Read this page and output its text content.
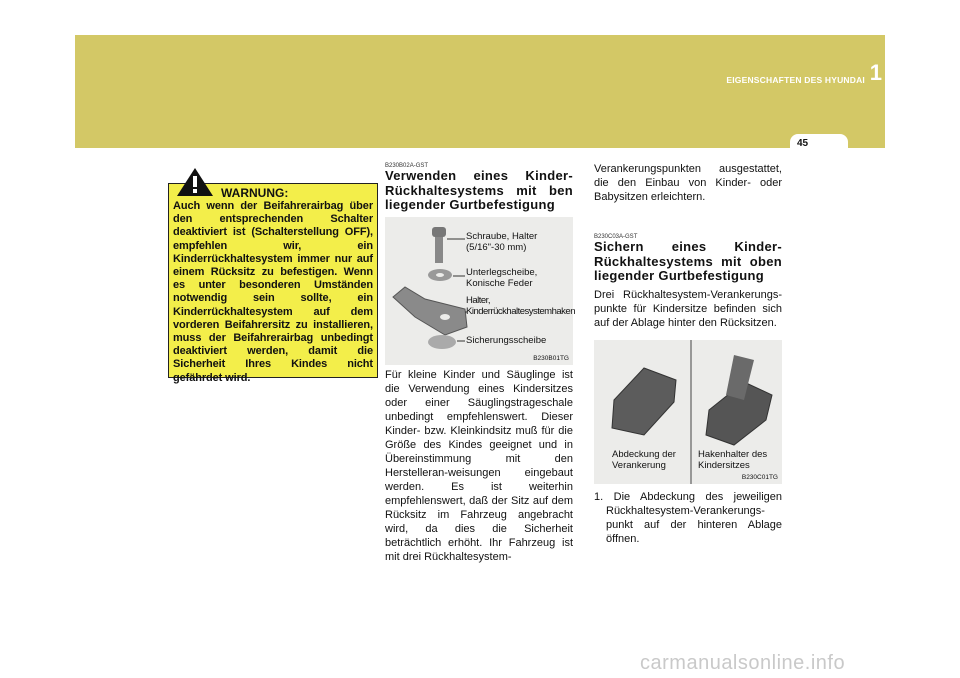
EIGENSCHAFTEN DES HYUNDAI 1
45
WARNUNG:
Auch wenn der Beifahrerairbag über den entsprechenden Schalter deaktiviert ist (Schalterstellung OFF), empfehlen wir, ein Kinderrückhaltesystem immer nur auf einem Rücksitz zu befestigen. Wenn es unter besonderen Umständen notwendig sein sollte, ein Kinderrückhaltesystem auf dem vorderen Beifahrersitz zu installieren, muss der Beifahrerairbag unbedingt deaktiviert werden, damit die Sicherheit Ihres Kindes nicht gefährdet wird.
B230B02A-GST
Verwenden eines Kinder-Rückhaltesystems mit ben liegender Gurtbefestigung
Schraube, Halter (5/16"-30 mm)
Unterlegscheibe, Konische Feder
Halter, Kinderrückhaltesystemhaken
Sicherungsscheibe
B230B01TG
Für kleine Kinder und Säuglinge ist die Verwendung eines Kindersitzes oder einer Säuglingstrageschale unbedingt empfehlenswert. Dieser Kinder- bzw. Kleinkindsitz muß für die Größe des Kindes geeignet und in Übereinstimmung mit den Herstelleran-weisungen eingebaut werden. Es ist weiterhin empfehlenswert, daß der Sitz auf dem Rücksitz im Fahrzeug angebracht wird, da dies die Sicherheit beträchtlich erhöht. Ihr Fahrzeug ist mit drei Rückhaltesystem-
Verankerungspunkten ausgestattet, die den Einbau von Kinder- oder Babysitzen erleichtern.
B230C03A-GST
Sichern eines Kinder-Rückhaltesystems mit oben liegender Gurtbefestigung
Drei Rückhaltesystem-Verankerungs-punkte für Kindersitze befinden sich auf der Ablage hinter den Rücksitzen.
Abdeckung der Verankerung
Hakenhalter des Kindersitzes
B230C01TG
1. Die Abdeckung des jeweiligen Rückhaltesystem-Verankerungs-punkt auf der hinteren Ablage öffnen.
carmanualsonline.info
